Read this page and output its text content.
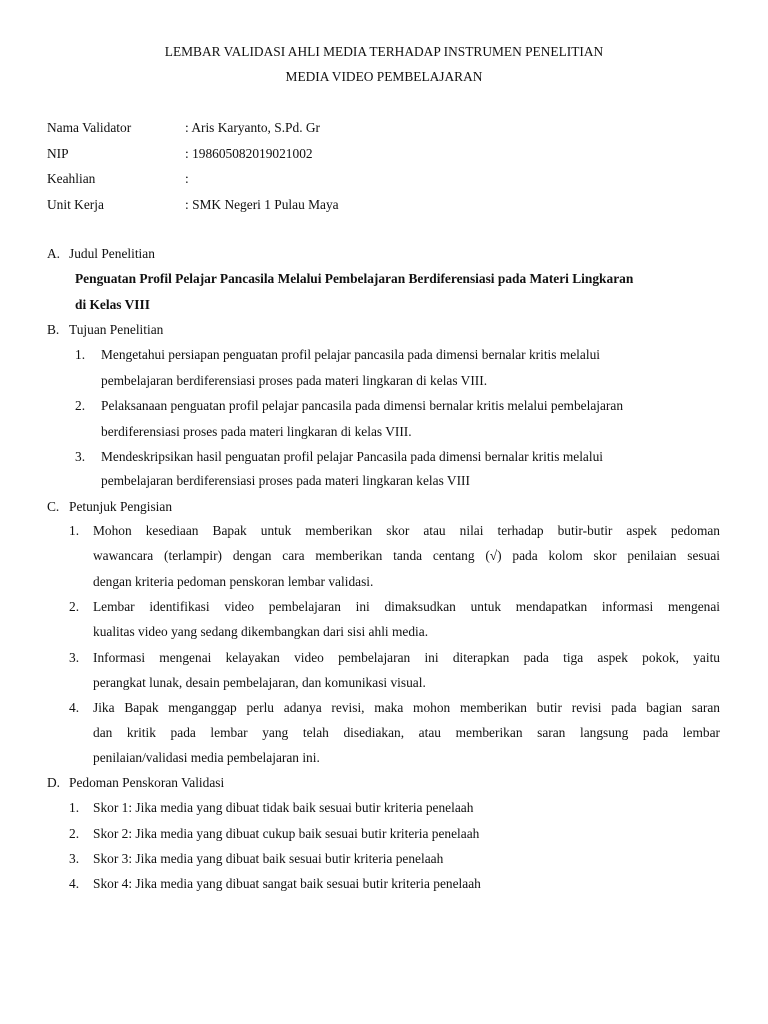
LEMBAR VALIDASI AHLI MEDIA TERHADAP INSTRUMEN PENELITIAN
MEDIA VIDEO PEMBELAJARAN
Nama Validator	: Aris Karyanto, S.Pd. Gr
NIP	: 198605082019021002
Keahlian	:
Unit Kerja	: SMK Negeri 1 Pulau Maya
A. Judul Penelitian
Penguatan Profil Pelajar Pancasila Melalui Pembelajaran Berdiferensiasi pada Materi Lingkaran
di Kelas VIII
B. Tujuan Penelitian
1. Mengetahui persiapan penguatan profil pelajar pancasila pada dimensi bernalar kritis melalui
pembelajaran berdiferensiasi proses pada materi lingkaran di kelas VIII.
2. Pelaksanaan penguatan profil pelajar pancasila pada dimensi bernalar kritis melalui pembelajaran
berdiferensiasi proses pada materi lingkaran di kelas VIII.
3. Mendeskripsikan hasil penguatan profil pelajar Pancasila pada dimensi bernalar kritis melalui
pembelajaran berdiferensiasi proses pada materi lingkaran kelas VIII
C. Petunjuk Pengisian
1. Mohon kesediaan Bapak untuk memberikan skor atau nilai terhadap butir-butir aspek pedoman
wawancara (terlampir) dengan cara memberikan tanda centang (√) pada kolom skor penilaian sesuai
dengan kriteria pedoman penskoran lembar validasi.
2. Lembar identifikasi video pembelajaran ini dimaksudkan untuk mendapatkan informasi mengenai
kualitas video yang sedang dikembangkan dari sisi ahli media.
3. Informasi mengenai kelayakan video pembelajaran ini diterapkan pada tiga aspek pokok, yaitu
perangkat lunak, desain pembelajaran, dan komunikasi visual.
4. Jika Bapak menganggap perlu adanya revisi, maka mohon memberikan butir revisi pada bagian saran
dan kritik pada lembar yang telah disediakan, atau memberikan saran langsung pada lembar
penilaian/validasi media pembelajaran ini.
D. Pedoman Penskoran Validasi
1. Skor 1: Jika media yang dibuat tidak baik sesuai butir kriteria penelaah
2. Skor 2: Jika media yang dibuat cukup baik sesuai butir kriteria penelaah
3. Skor 3: Jika media yang dibuat baik sesuai butir kriteria penelaah
4. Skor 4: Jika media yang dibuat sangat baik sesuai butir kriteria penelaah
